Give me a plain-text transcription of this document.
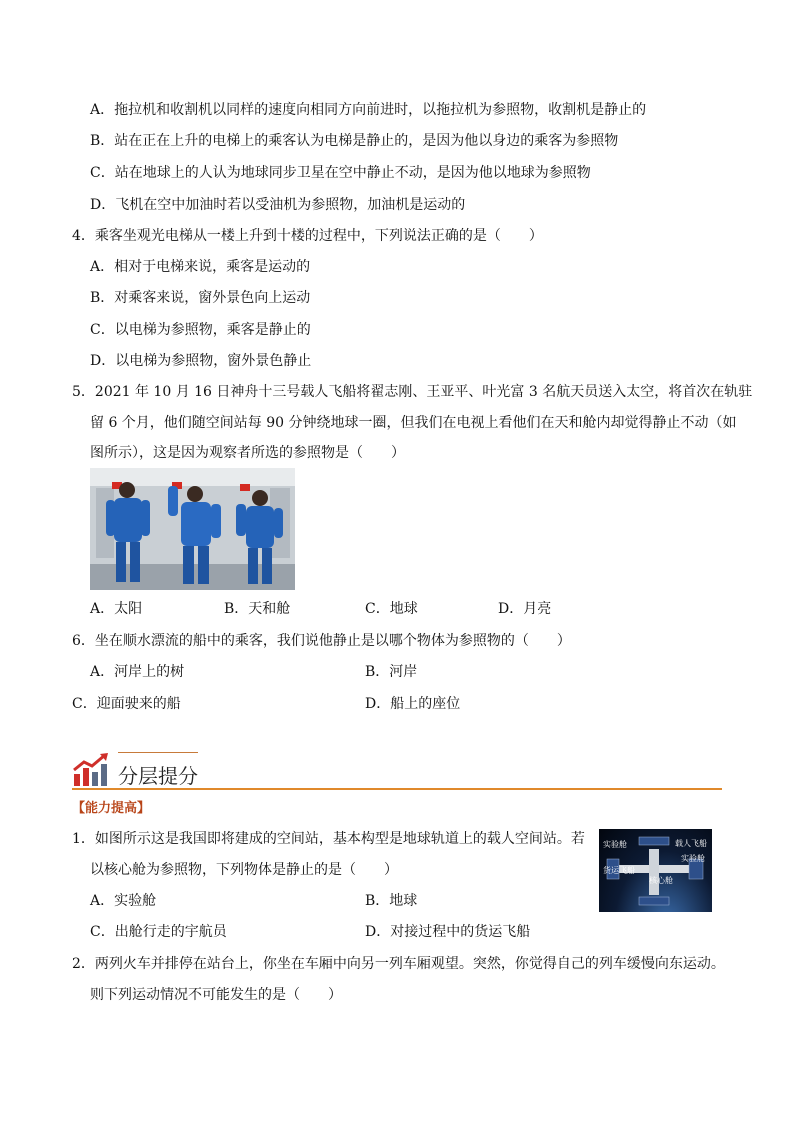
A．拖拉机和收割机以同样的速度向相同方向前进时，以拖拉机为参照物，收割机是静止的
B．站在正在上升的电梯上的乘客认为电梯是静止的，是因为他以身边的乘客为参照物
C．站在地球上的人认为地球同步卫星在空中静止不动，是因为他以地球为参照物
D．飞机在空中加油时若以受油机为参照物，加油机是运动的
4．乘客坐观光电梯从一楼上升到十楼的过程中，下列说法正确的是（　　）
A．相对于电梯来说，乘客是运动的
B．对乘客来说，窗外景色向上运动
C．以电梯为参照物，乘客是静止的
D．以电梯为参照物，窗外景色静止
5．2021 年 10 月 16 日神舟十三号载人飞船将翟志刚、王亚平、叶光富 3 名航天员送入太空，将首次在轨驻
留 6 个月，他们随空间站每 90 分钟绕地球一圈，但我们在电视上看他们在天和舱内却觉得静止不动（如
图所示），这是因为观察者所选的参照物是（　　）
A．太阳	B．天和舱	C．地球	D．月亮
6．坐在顺水漂流的船中的乘客，我们说他静止是以哪个物体为参照物的（　　）
A．河岸上的树	B．河岸
C．迎面驶来的船	D．船上的座位
分层提分
【能力提高】
1．如图所示这是我国即将建成的空间站，基本构型是地球轨道上的载人空间站。若
以核心舱为参照物，下列物体是静止的是（　　）
实验舱	载人飞船
实验舱
货运飞船
核心舱
A．实验舱	B．地球
C．出舱行走的宇航员	D．对接过程中的货运飞船
2．两列火车并排停在站台上，你坐在车厢中向另一列车厢观望。突然，你觉得自己的列车缓慢向东运动。
则下列运动情况不可能发生的是（　　）
